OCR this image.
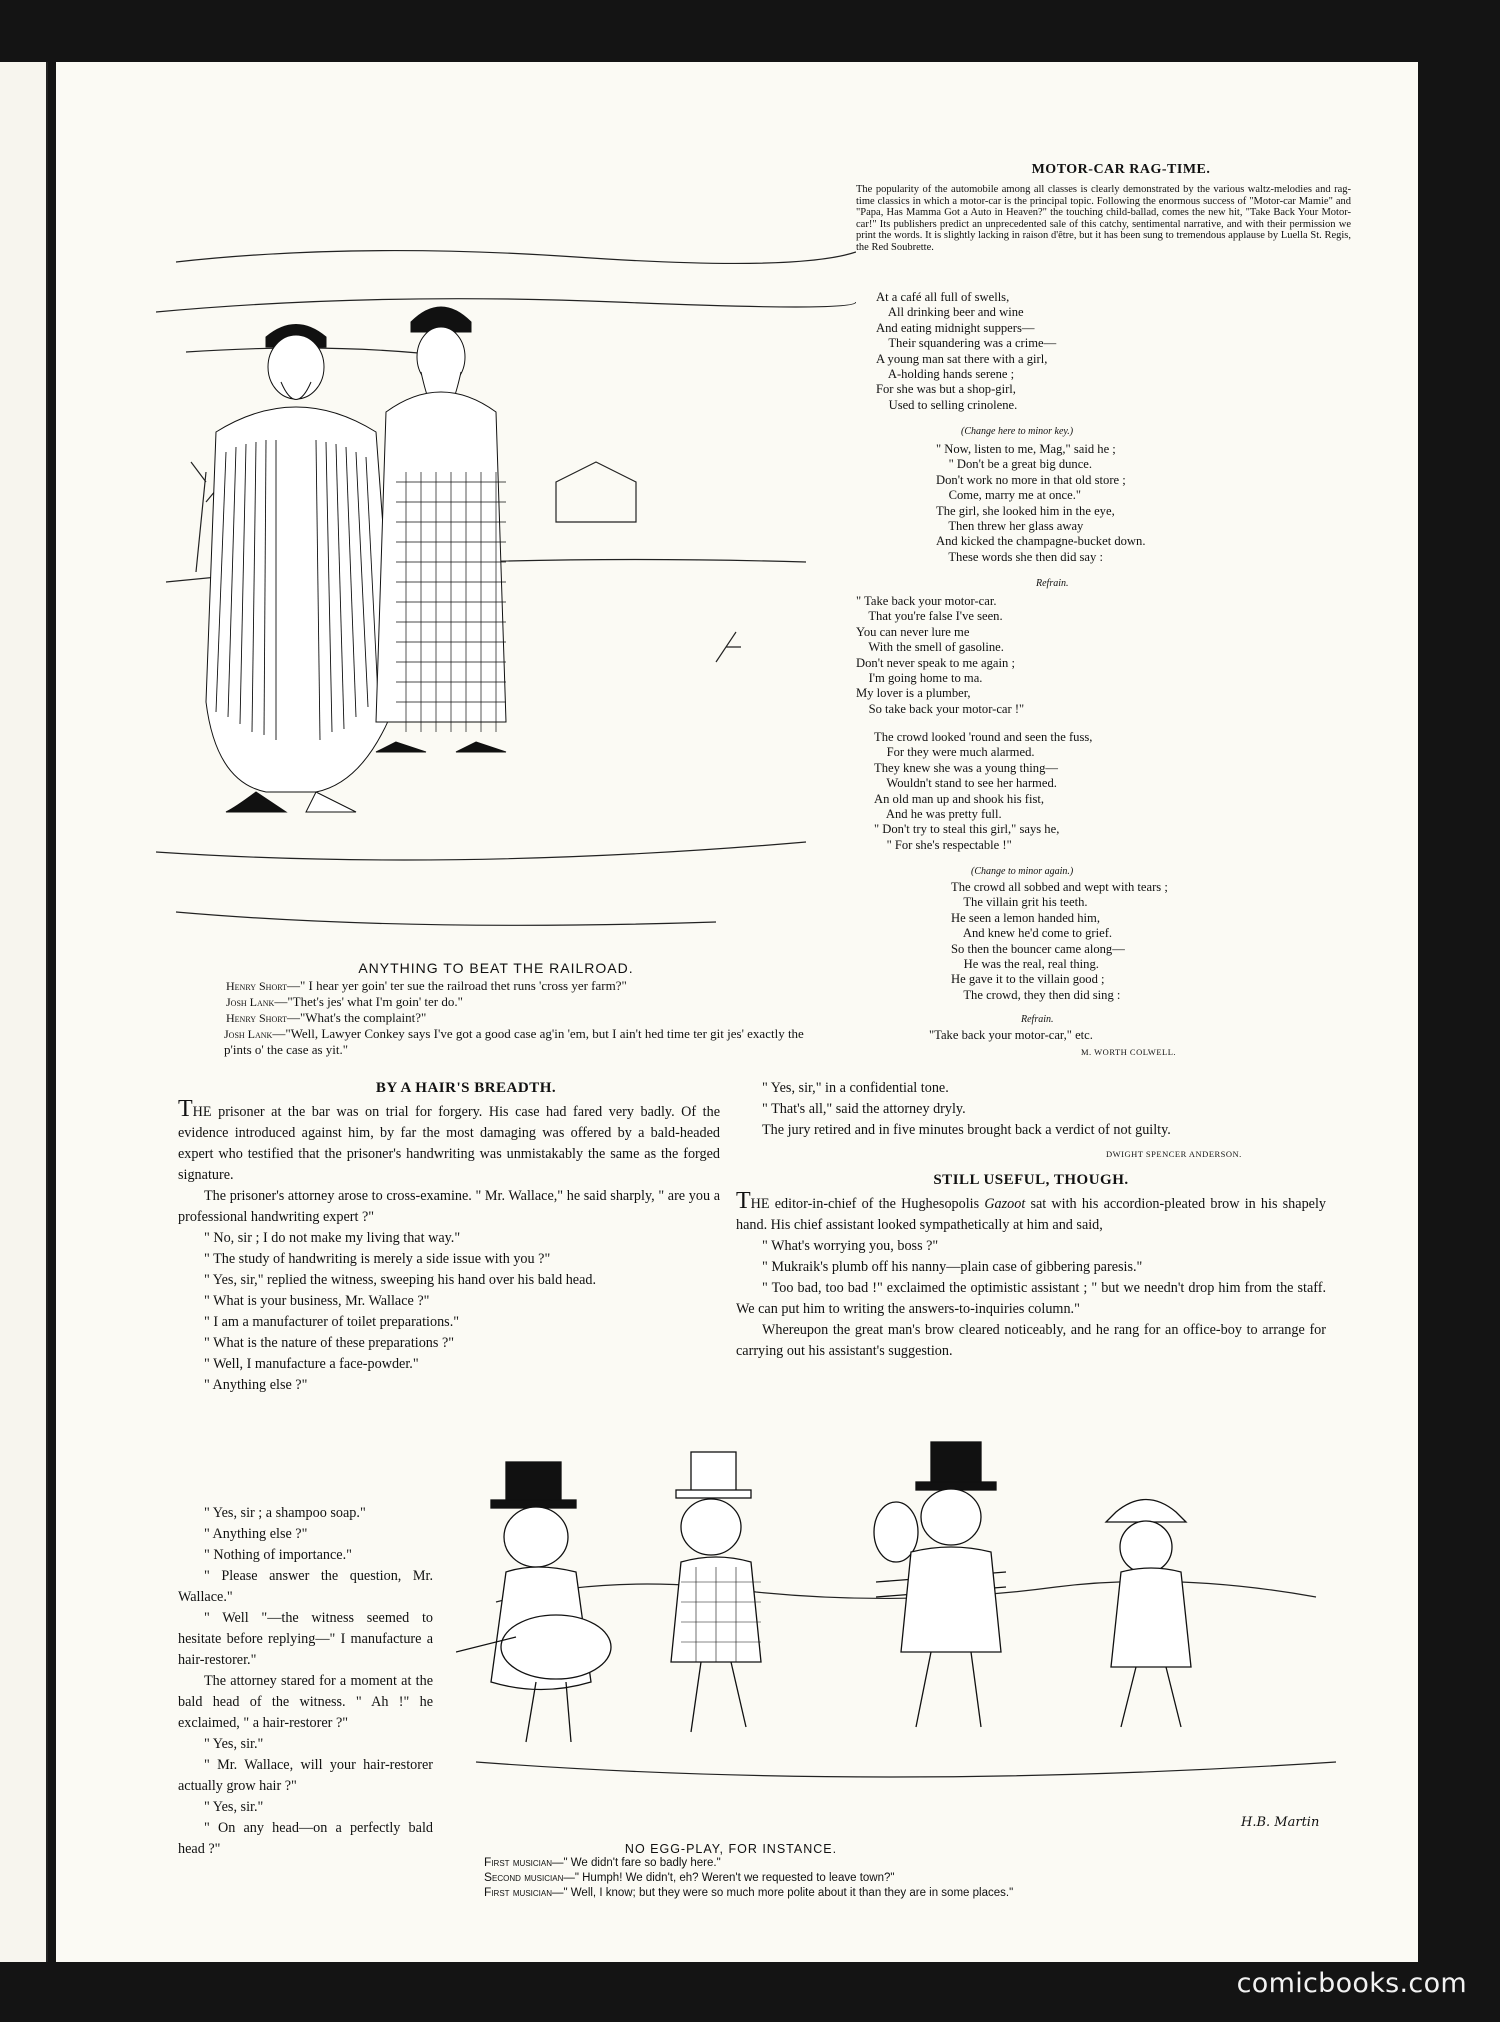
ANYTHING TO BEAT THE RAILROAD.
Henry Short—" I hear yer goin' ter sue the railroad thet runs 'cross yer farm?"
Josh Lank—"Thet's jes' what I'm goin' ter do."
Henry Short—"What's the complaint?"
Josh Lank—"Well, Lawyer Conkey says I've got a good case ag'in 'em, but I ain't hed time ter git jes' exactly the p'ints o' the case as yit."
MOTOR-CAR RAG-TIME.
The popularity of the automobile among all classes is clearly demonstrated by the various waltz-melodies and rag-time classics in which a motor-car is the principal topic. Following the enormous success of "Motor-car Mamie" and "Papa, Has Mamma Got a Auto in Heaven?" the touching child-ballad, comes the new hit, "Take Back Your Motor-car!" Its publishers predict an unprecedented sale of this catchy, sentimental narrative, and with their permission we print the words. It is slightly lacking in raison d'être, but it has been sung to tremendous applause by Luella St. Regis, the Red Soubrette.
At a café all full of swells,
All drinking beer and wine
And eating midnight suppers—
Their squandering was a crime—
A young man sat there with a girl,
A-holding hands serene ;
For she was but a shop-girl,
Used to selling crinolene.
(Change here to minor key.)
" Now, listen to me, Mag," said he ;
" Don't be a great big dunce.
Don't work no more in that old store ;
Come, marry me at once."
The girl, she looked him in the eye,
Then threw her glass away
And kicked the champagne-bucket down.
These words she then did say :
Refrain.
" Take back your motor-car.
That you're false I've seen.
You can never lure me
With the smell of gasoline.
Don't never speak to me again ;
I'm going home to ma.
My lover is a plumber,
So take back your motor-car !"
The crowd looked 'round and seen the fuss,
For they were much alarmed.
They knew she was a young thing—
Wouldn't stand to see her harmed.
An old man up and shook his fist,
And he was pretty full.
" Don't try to steal this girl," says he,
" For she's respectable !"
(Change to minor again.)
The crowd all sobbed and wept with tears ;
The villain grit his teeth.
He seen a lemon handed him,
And knew he'd come to grief.
So then the bouncer came along—
He was the real, real thing.
He gave it to the villain good ;
The crowd, they then did sing :
Refrain.
"Take back your motor-car," etc.
M. WORTH COLWELL.
BY A HAIR'S BREADTH.

THE prisoner at the bar was on trial for forgery. His case had fared very badly. Of the evidence introduced against him, by far the most damaging was offered by a bald-headed expert who testified that the prisoner's handwriting was unmistakably the same as the forged signature.

The prisoner's attorney arose to cross-examine. " Mr. Wallace," he said sharply, " are you a professional handwriting expert ?"

" No, sir ; I do not make my living that way."

" The study of handwriting is merely a side issue with you ?"

" Yes, sir," replied the witness, sweeping his hand over his bald head.

" What is your business, Mr. Wallace ?"

" I am a manufacturer of toilet preparations."

" What is the nature of these preparations ?"

" Well, I manufacture a face-powder."

" Anything else ?"

" Yes, sir ; a shampoo soap."

" Anything else ?"

" Nothing of importance."

" Please answer the question, Mr. Wallace."

" Well "—the witness seemed to hesitate before replying—" I manufacture a hair-restorer."

The attorney stared for a moment at the bald head of the witness. " Ah !" he exclaimed, " a hair-restorer ?"

" Yes, sir."

" Mr. Wallace, will your hair-restorer actually grow hair ?"

" Yes, sir."

" On any head—on a perfectly bald head ?"

" Yes, sir," in a confidential tone.

" That's all," said the attorney dryly.

The jury retired and in five minutes brought back a verdict of not guilty.

DWIGHT SPENCER ANDERSON.
STILL USEFUL, THOUGH.

THE editor-in-chief of the Hughesopolis Gazoot sat with his accordion-pleated brow in his shapely hand. His chief assistant looked sympathetically at him and said,

" What's worrying you, boss ?"

" Mukraik's plumb off his nanny—plain case of gibbering paresis."

" Too bad, too bad !" exclaimed the optimistic assistant ; " but we needn't drop him from the staff. We can put him to writing the answers-to-inquiries column."

Whereupon the great man's brow cleared noticeably, and he rang for an office-boy to arrange for carrying out his assistant's suggestion.

NO EGG-PLAY, FOR INSTANCE.
First musician—" We didn't fare so badly here."
Second musician—" Humph! We didn't, eh? Weren't we requested to leave town?"
First musician—" Well, I know; but they were so much more polite about it than they are in some places."
H.B. Martin
comicbooks.com
